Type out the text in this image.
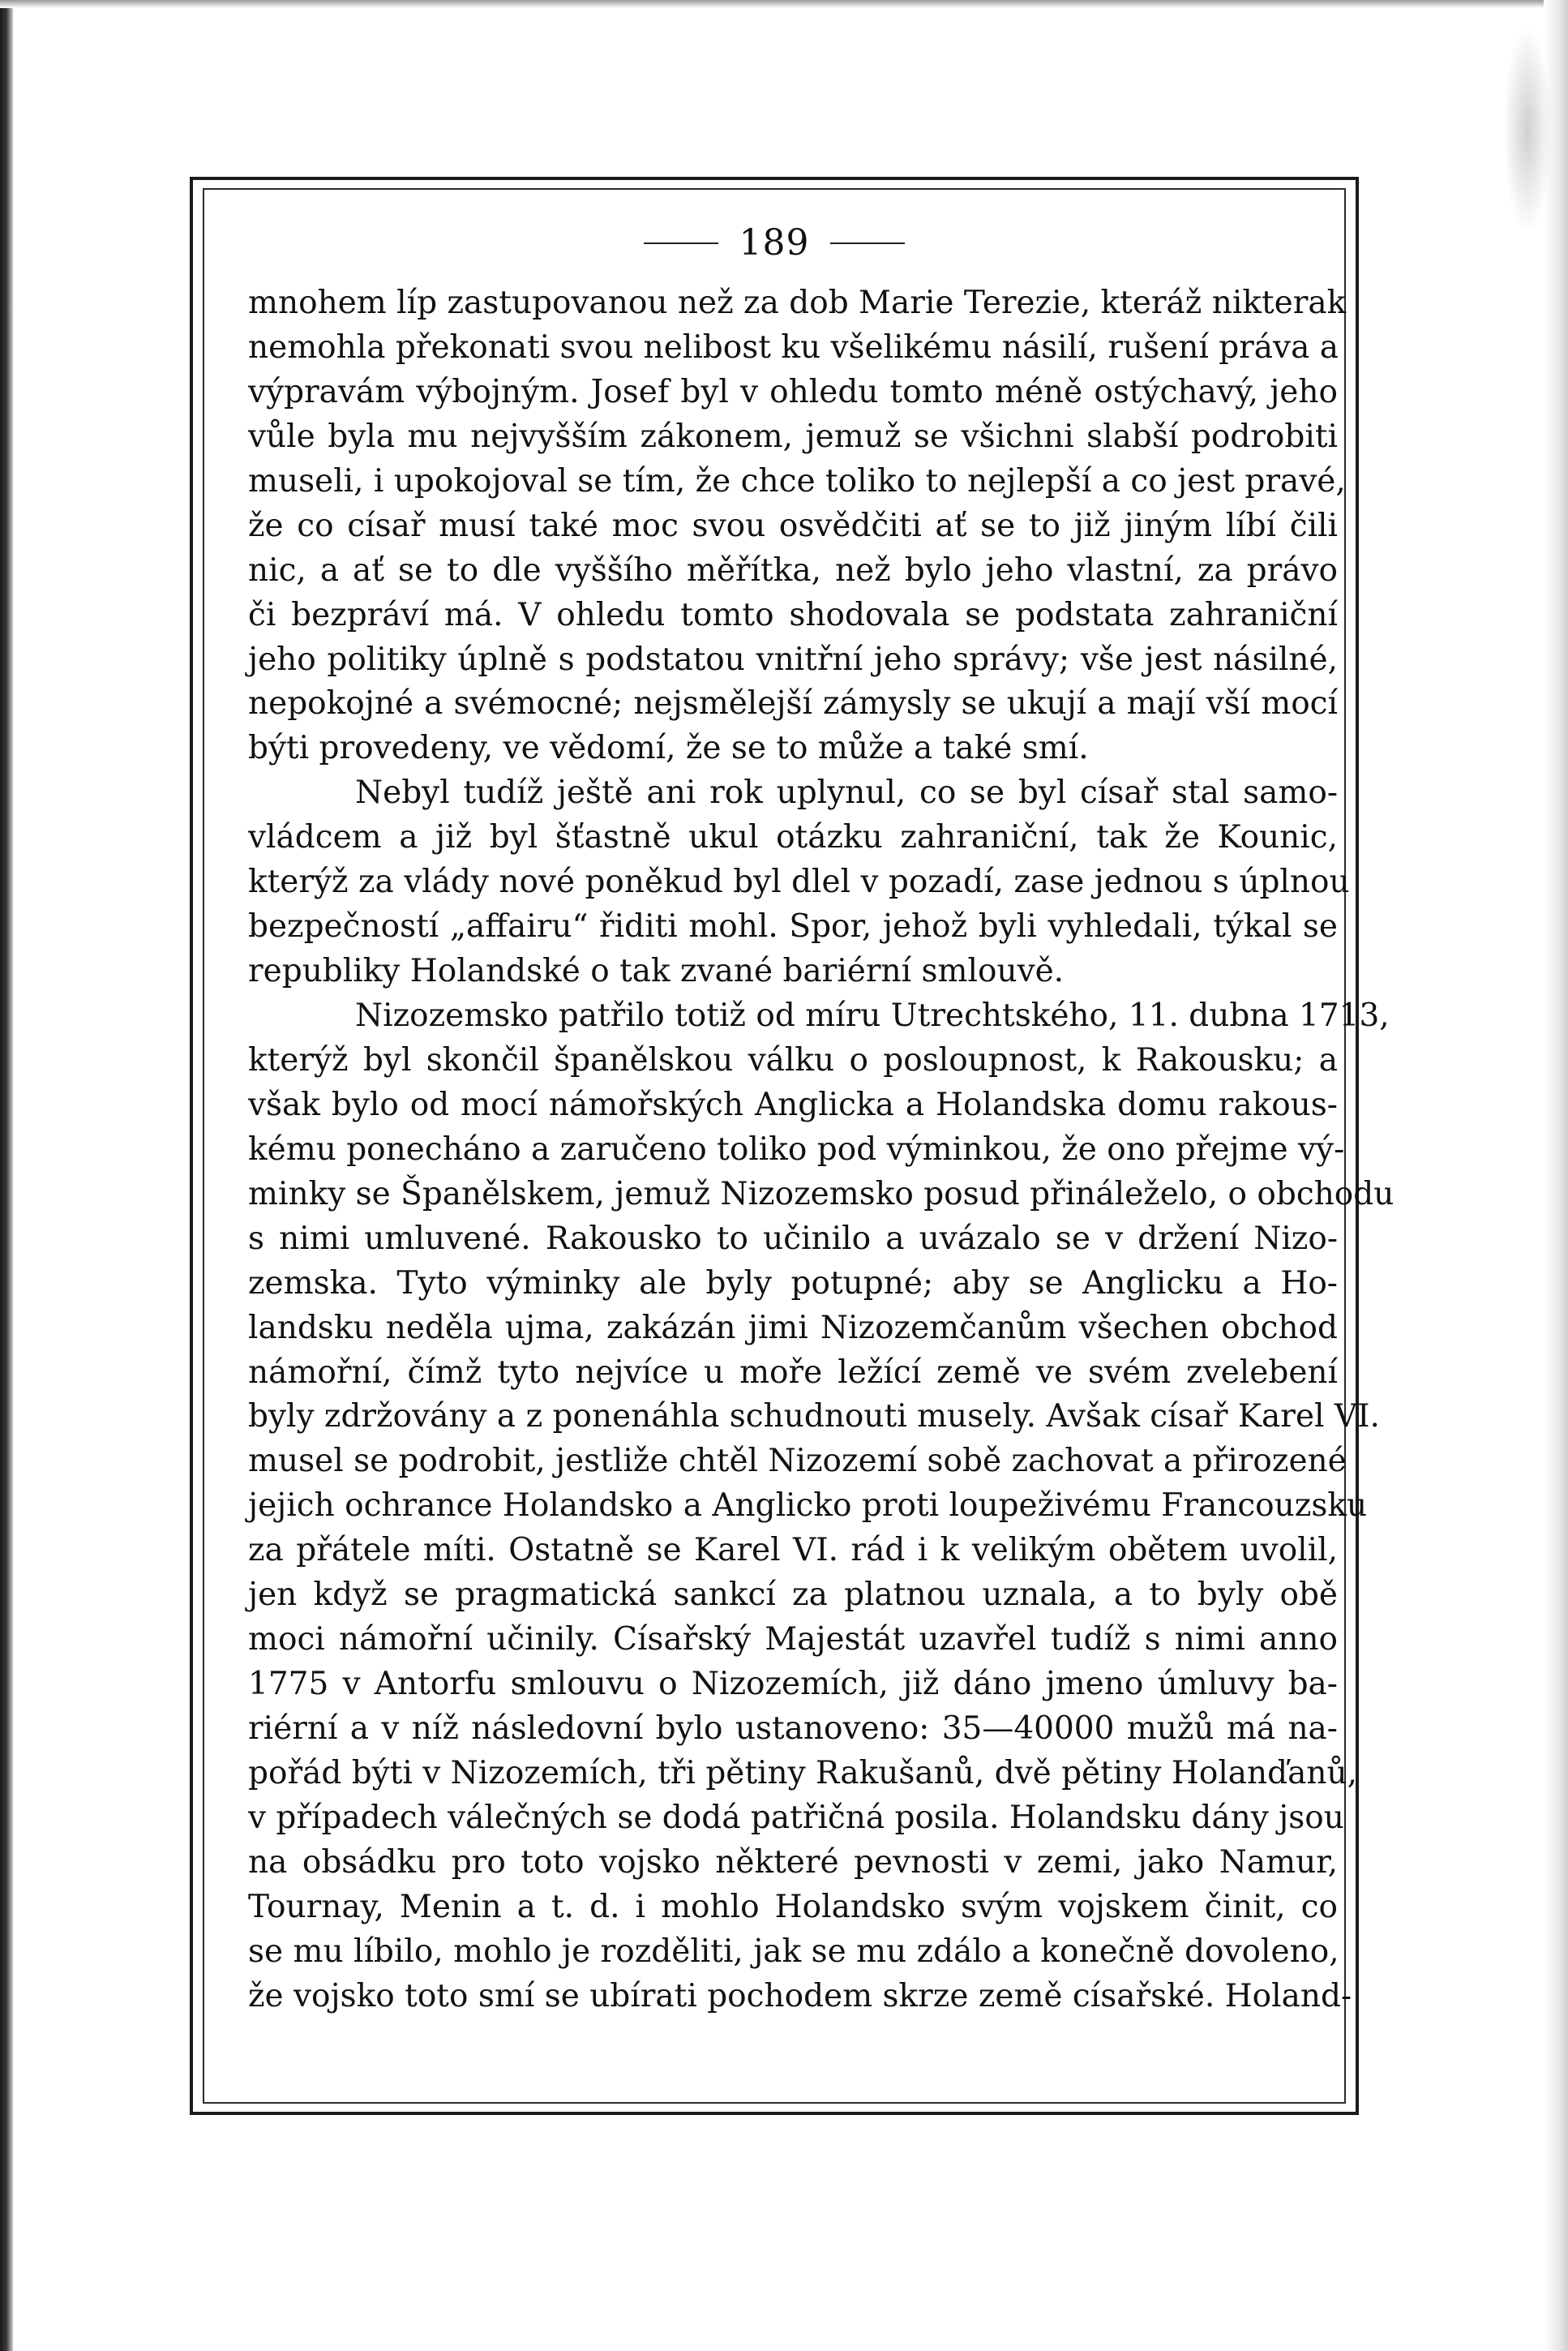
189
mnohem líp zastupovanou než za dob Marie Terezie, kteráž nikterak
nemohla překonati svou nelibost ku všelikému násilí, rušení práva a
výpravám výbojným. Josef byl v ohledu tomto méně ostýchavý, jeho
vůle byla mu nejvyšším zákonem, jemuž se všichni slabší podrobiti
museli, i upokojoval se tím, že chce toliko to nejlepší a co jest pravé,
že co císař musí také moc svou osvědčiti ať se to již jiným líbí čili
nic, a ať se to dle vyššího měřítka, než bylo jeho vlastní, za právo
či bezpráví má. V ohledu tomto shodovala se podstata zahraniční
jeho politiky úplně s podstatou vnitřní jeho správy; vše jest násilné,
nepokojné a svémocné; nejsmělejší zámysly se ukují a mají vší mocí
býti provedeny, ve vědomí, že se to může a také smí.
Nebyl tudíž ještě ani rok uplynul, co se byl císař stal samo-
vládcem a již byl šťastně ukul otázku zahraniční, tak že Kounic,
kterýž za vlády nové poněkud byl dlel v pozadí, zase jednou s úplnou
bezpečností „affairu“ řiditi mohl. Spor, jehož byli vyhledali, týkal se
republiky Holandské o tak zvané bariérní smlouvě.
Nizozemsko patřilo totiž od míru Utrechtského, 11. dubna 1713,
kterýž byl skončil španělskou válku o posloupnost, k Rakousku; a
však bylo od mocí námořských Anglicka a Holandska domu rakous-
kému ponecháno a zaručeno toliko pod výminkou, že ono přejme vý-
minky se Španělskem, jemuž Nizozemsko posud přináleželo, o obchodu
s nimi umluvené. Rakousko to učinilo a uvázalo se v držení Nizo-
zemska. Tyto výminky ale byly potupné; aby se Anglicku a Ho-
landsku neděla ujma, zakázán jimi Nizozemčanům všechen obchod
námořní, čímž tyto nejvíce u moře ležící země ve svém zvelebení
byly zdržovány a z ponenáhla schudnouti musely. Avšak císař Karel VI.
musel se podrobit, jestliže chtěl Nizozemí sobě zachovat a přirozené
jejich ochrance Holandsko a Anglicko proti loupeživému Francouzsku
za přátele míti. Ostatně se Karel VI. rád i k velikým obětem uvolil,
jen když se pragmatická sankcí za platnou uznala, a to byly obě
moci námořní učinily. Císařský Majestát uzavřel tudíž s nimi anno
1775 v Antorfu smlouvu o Nizozemích, již dáno jmeno úmluvy ba-
riérní a v níž následovní bylo ustanoveno: 35—40000 mužů má na-
pořád býti v Nizozemích, tři pětiny Rakušanů, dvě pětiny Holanďanů,
v případech válečných se dodá patřičná posila. Holandsku dány jsou
na obsádku pro toto vojsko některé pevnosti v zemi, jako Namur,
Tournay, Menin a t. d. i mohlo Holandsko svým vojskem činit, co
se mu líbilo, mohlo je rozděliti, jak se mu zdálo a konečně dovoleno,
že vojsko toto smí se ubírati pochodem skrze země císařské. Holand-
